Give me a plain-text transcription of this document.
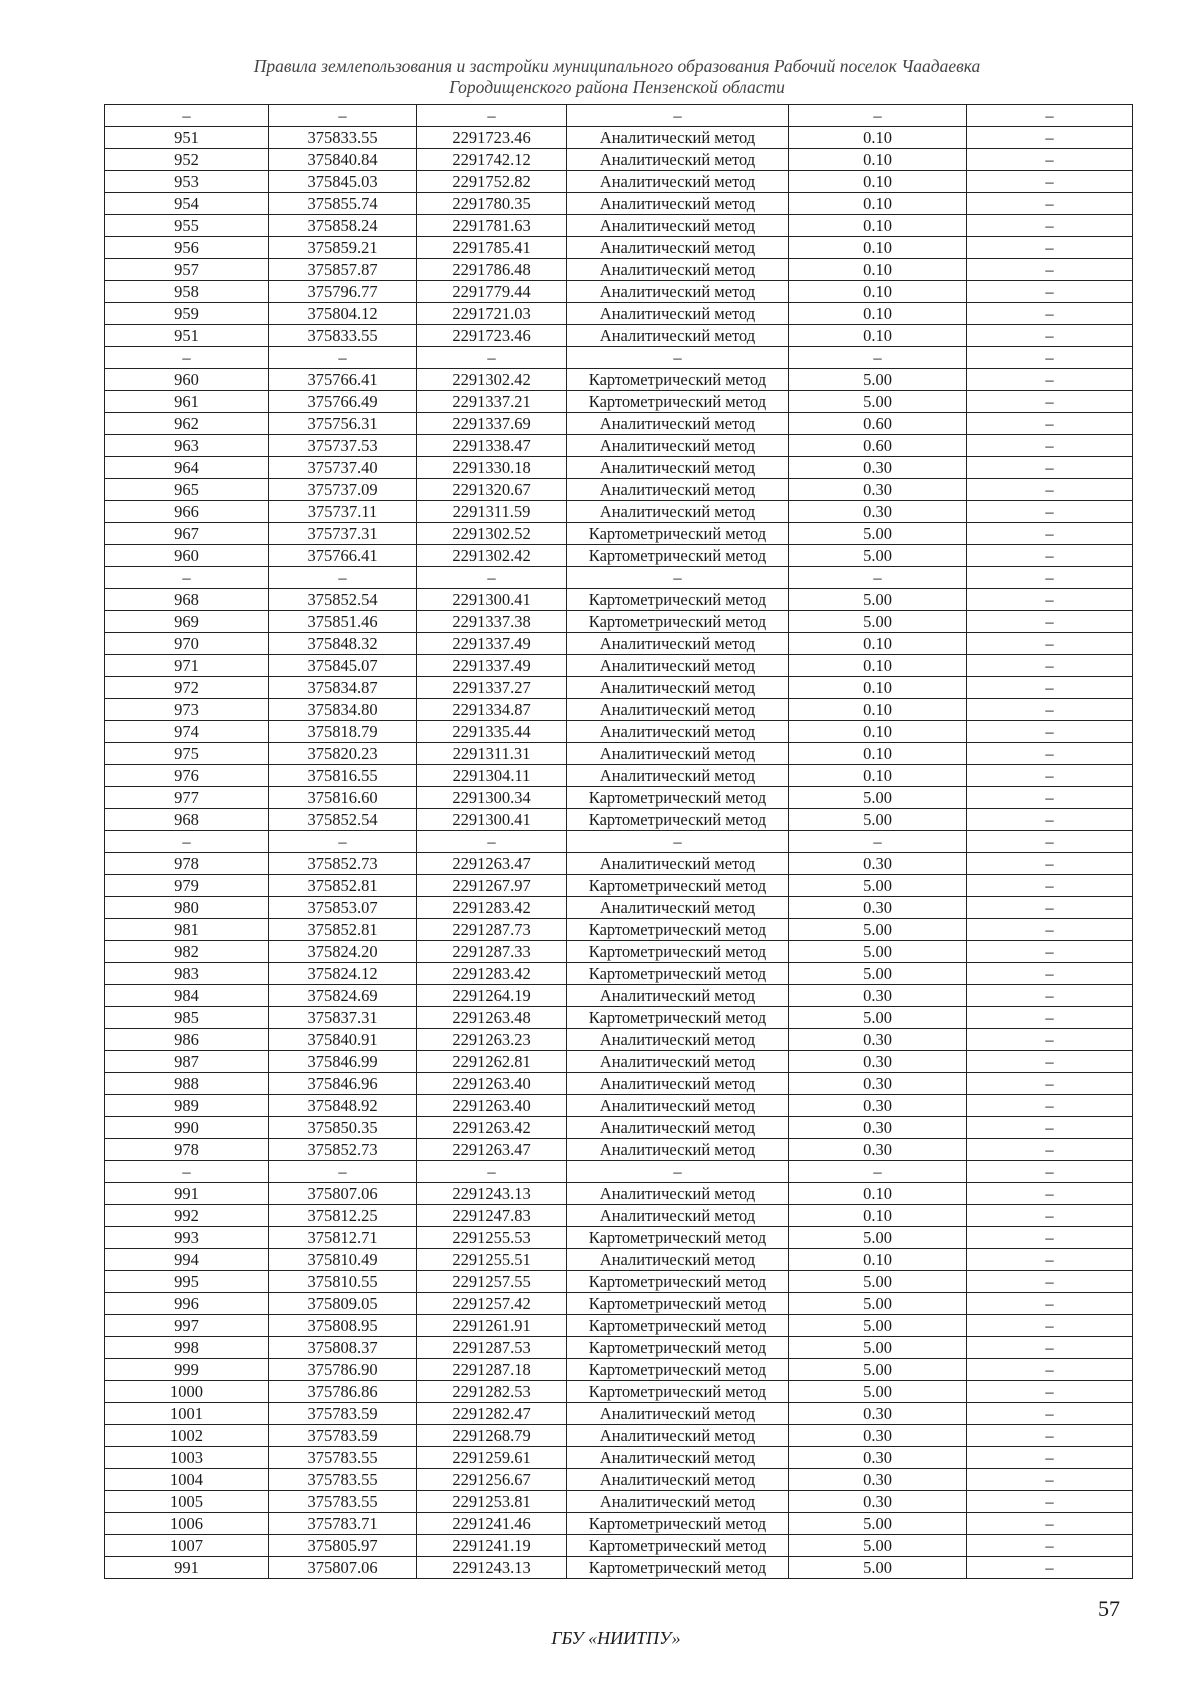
Правила землепользования и застройки муниципального образования Рабочий поселок Чаадаевка
Городищенского района Пензенской области
–	–	–	–	–	–
951	375833.55	2291723.46	Аналитический метод	0.10	–
952	375840.84	2291742.12	Аналитический метод	0.10	–
953	375845.03	2291752.82	Аналитический метод	0.10	–
954	375855.74	2291780.35	Аналитический метод	0.10	–
955	375858.24	2291781.63	Аналитический метод	0.10	–
956	375859.21	2291785.41	Аналитический метод	0.10	–
957	375857.87	2291786.48	Аналитический метод	0.10	–
958	375796.77	2291779.44	Аналитический метод	0.10	–
959	375804.12	2291721.03	Аналитический метод	0.10	–
951	375833.55	2291723.46	Аналитический метод	0.10	–
–	–	–	–	–	–
960	375766.41	2291302.42	Картометрический метод	5.00	–
961	375766.49	2291337.21	Картометрический метод	5.00	–
962	375756.31	2291337.69	Аналитический метод	0.60	–
963	375737.53	2291338.47	Аналитический метод	0.60	–
964	375737.40	2291330.18	Аналитический метод	0.30	–
965	375737.09	2291320.67	Аналитический метод	0.30	–
966	375737.11	2291311.59	Аналитический метод	0.30	–
967	375737.31	2291302.52	Картометрический метод	5.00	–
960	375766.41	2291302.42	Картометрический метод	5.00	–
–	–	–	–	–	–
968	375852.54	2291300.41	Картометрический метод	5.00	–
969	375851.46	2291337.38	Картометрический метод	5.00	–
970	375848.32	2291337.49	Аналитический метод	0.10	–
971	375845.07	2291337.49	Аналитический метод	0.10	–
972	375834.87	2291337.27	Аналитический метод	0.10	–
973	375834.80	2291334.87	Аналитический метод	0.10	–
974	375818.79	2291335.44	Аналитический метод	0.10	–
975	375820.23	2291311.31	Аналитический метод	0.10	–
976	375816.55	2291304.11	Аналитический метод	0.10	–
977	375816.60	2291300.34	Картометрический метод	5.00	–
968	375852.54	2291300.41	Картометрический метод	5.00	–
–	–	–	–	–	–
978	375852.73	2291263.47	Аналитический метод	0.30	–
979	375852.81	2291267.97	Картометрический метод	5.00	–
980	375853.07	2291283.42	Аналитический метод	0.30	–
981	375852.81	2291287.73	Картометрический метод	5.00	–
982	375824.20	2291287.33	Картометрический метод	5.00	–
983	375824.12	2291283.42	Картометрический метод	5.00	–
984	375824.69	2291264.19	Аналитический метод	0.30	–
985	375837.31	2291263.48	Картометрический метод	5.00	–
986	375840.91	2291263.23	Аналитический метод	0.30	–
987	375846.99	2291262.81	Аналитический метод	0.30	–
988	375846.96	2291263.40	Аналитический метод	0.30	–
989	375848.92	2291263.40	Аналитический метод	0.30	–
990	375850.35	2291263.42	Аналитический метод	0.30	–
978	375852.73	2291263.47	Аналитический метод	0.30	–
–	–	–	–	–	–
991	375807.06	2291243.13	Аналитический метод	0.10	–
992	375812.25	2291247.83	Аналитический метод	0.10	–
993	375812.71	2291255.53	Картометрический метод	5.00	–
994	375810.49	2291255.51	Аналитический метод	0.10	–
995	375810.55	2291257.55	Картометрический метод	5.00	–
996	375809.05	2291257.42	Картометрический метод	5.00	–
997	375808.95	2291261.91	Картометрический метод	5.00	–
998	375808.37	2291287.53	Картометрический метод	5.00	–
999	375786.90	2291287.18	Картометрический метод	5.00	–
1000	375786.86	2291282.53	Картометрический метод	5.00	–
1001	375783.59	2291282.47	Аналитический метод	0.30	–
1002	375783.59	2291268.79	Аналитический метод	0.30	–
1003	375783.55	2291259.61	Аналитический метод	0.30	–
1004	375783.55	2291256.67	Аналитический метод	0.30	–
1005	375783.55	2291253.81	Аналитический метод	0.30	–
1006	375783.71	2291241.46	Картометрический метод	5.00	–
1007	375805.97	2291241.19	Картометрический метод	5.00	–
991	375807.06	2291243.13	Картометрический метод	5.00	–
57
ГБУ «НИИТПУ»
